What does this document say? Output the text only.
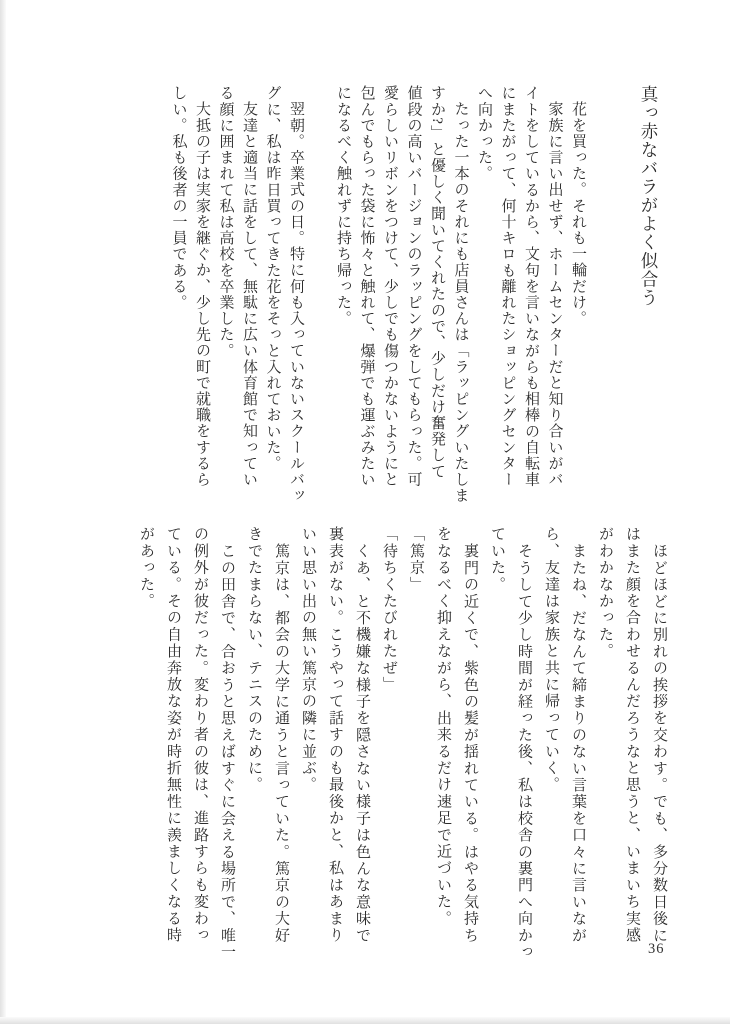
真っ赤なバラがよく似合う
花を買った。それも一輪だけ。
家族に言い出せず、ホームセンターだと知り合いがバ
イトをしているから、文句を言いながらも相棒の自転車
にまたがって、何十キロも離れたショッピングセンター
へ向かった。
たった一本のそれにも店員さんは「ラッピングいたしま
すか?」と優しく聞いてくれたので、少しだけ奮発して
値段の高いバージョンのラッピングをしてもらった。可
愛らしいリボンをつけて、少しでも傷つかないようにと
包んでもらった袋に怖々と触れて、爆弾でも運ぶみたい
になるべく触れずに持ち帰った。
翌朝。卒業式の日。特に何も入っていないスクールバッ
グに、私は昨日買ってきた花をそっと入れておいた。
友達と適当に話をして、無駄に広い体育館で知ってい
る顔に囲まれて私は高校を卒業した。
大抵の子は実家を継ぐか、少し先の町で就職をするら
しい。私も後者の一員である。
ほどほどに別れの挨拶を交わす。でも、多分数日後に
はまた顔を合わせるんだろうなと思うと、いまいち実感
がわかなかった。
またね、だなんて締まりのない言葉を口々に言いなが
ら、友達は家族と共に帰っていく。
そうして少し時間が経った後、私は校舎の裏門へ向かっ
ていた。
裏門の近くで、紫色の髪が揺れている。はやる気持ち
をなるべく抑えながら、出来るだけ速足で近づいた。
「篤京」
「待ちくたびれたぜ」
くあ、と不機嫌な様子を隠さない様子は色んな意味で
裏表がない。こうやって話すのも最後かと、私はあまり
いい思い出の無い篤京の隣に並ぶ。
篤京は、都会の大学に通うと言っていた。篤京の大好
きでたまらない、テニスのために。
この田舎で、合おうと思えばすぐに会える場所で、唯一
の例外が彼だった。変わり者の彼は、進路すらも変わっ
ている。その自由奔放な姿が時折無性に羨ましくなる時
があった。
36
